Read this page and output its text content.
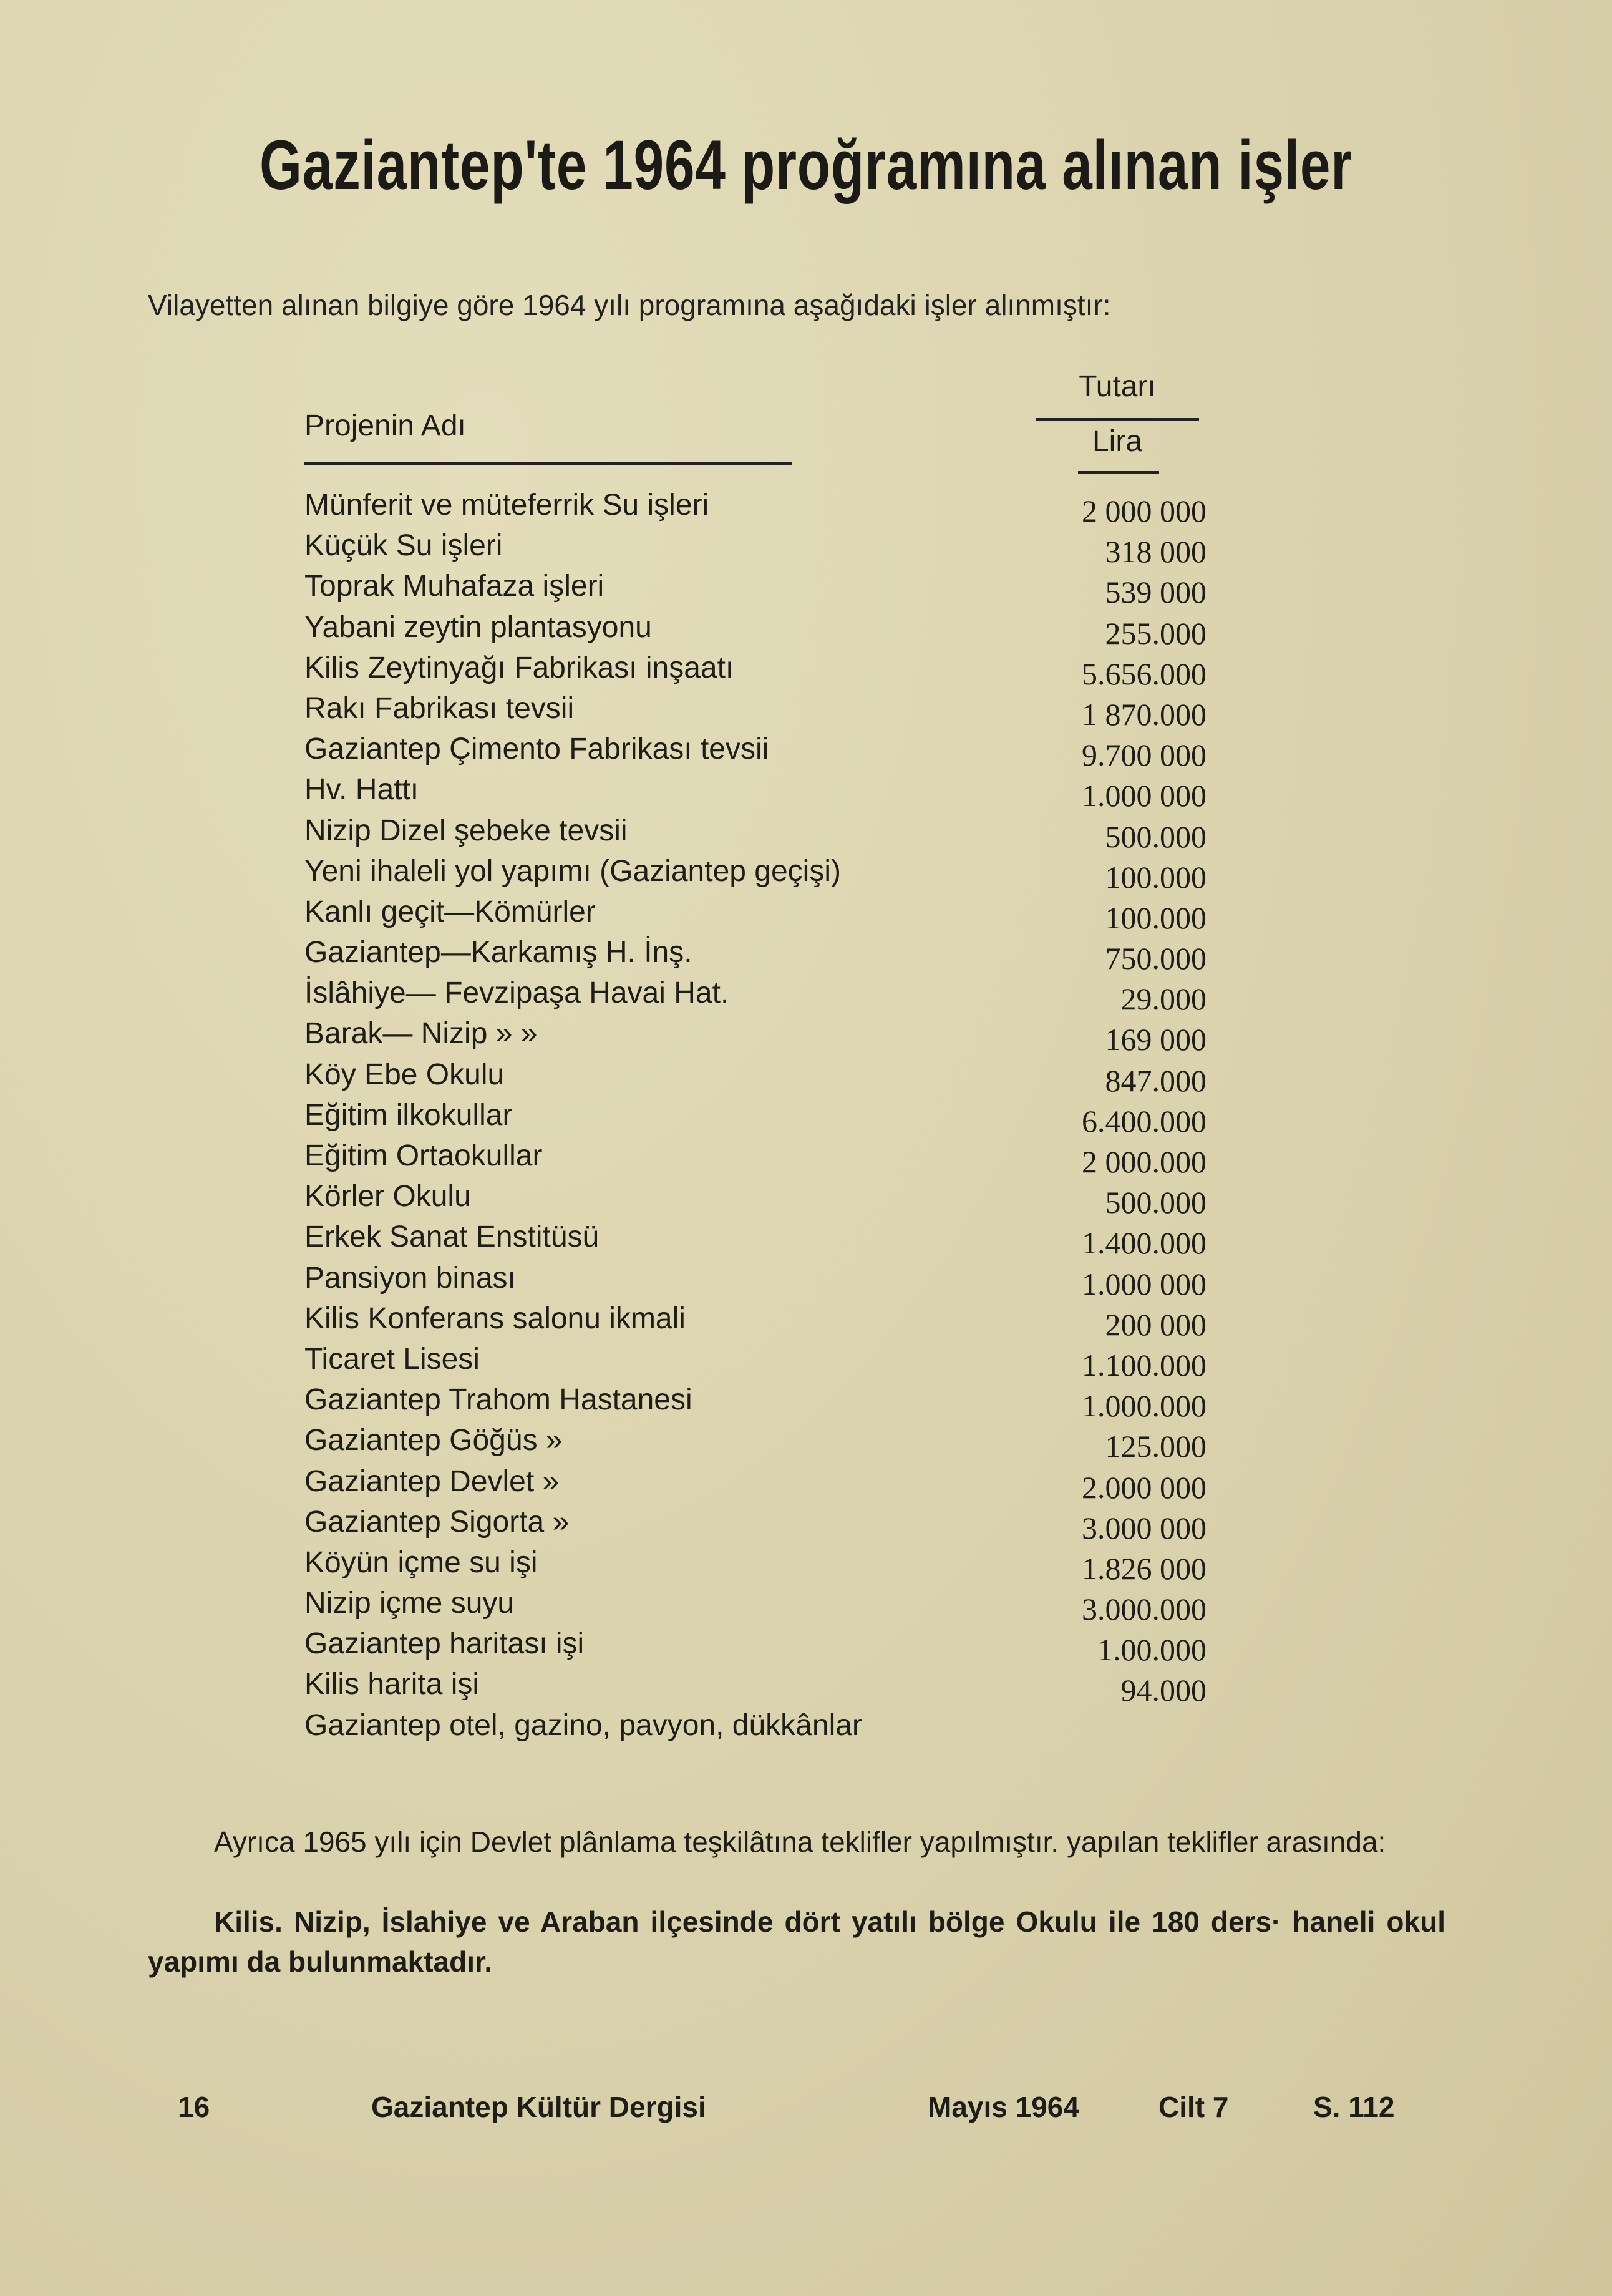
Gaziantep'te 1964 proğramına alınan işler
Vilayetten alınan bilgiye göre 1964 yılı programına aşağıdaki işler alınmıştır:
Projenin Adı
Tutarı
Lira
Münferit ve müteferrik Su işleri	2 000 000
Küçük Su işleri	318 000
Toprak Muhafaza işleri	539 000
Yabani zeytin plantasyonu	255.000
Kilis Zeytinyağı Fabrikası inşaatı	5.656.000
Rakı Fabrikası tevsii	1 870.000
Gaziantep Çimento Fabrikası tevsii	9.700 000
Hv. Hattı	1.000 000
Nizip Dizel şebeke tevsii	500.000
Yeni ihaleli yol yapımı (Gaziantep geçişi)	100.000
Kanlı geçit—Kömürler	100.000
Gaziantep—Karkamış H. İnş.	750.000
İslâhiye— Fevzipaşa Havai Hat.	29.000
Barak— Nizip » »	169 000
Köy Ebe Okulu	847.000
Eğitim ilkokullar	6.400.000
Eğitim Ortaokullar	2 000.000
Körler Okulu	500.000
Erkek Sanat Enstitüsü	1.400.000
Pansiyon binası	1.000 000
Kilis Konferans salonu ikmali	200 000
Ticaret Lisesi	1.100.000
Gaziantep Trahom Hastanesi	1.000.000
Gaziantep Göğüs »	125.000
Gaziantep Devlet »	2.000 000
Gaziantep Sigorta »	3.000 000
Köyün içme su işi	1.826 000
Nizip içme suyu	3.000.000
Gaziantep haritası işi	1.00.000
Kilis harita işi	94.000
Gaziantep otel, gazino, pavyon, dükkânlar
Ayrıca 1965 yılı için Devlet plânlama teşkilâtına teklifler yapılmıştır. yapılan teklifler arasında:
Kilis. Nizip, İslahiye ve Araban ilçesinde dört yatılı bölge Okulu ile 180 ders· haneli okul yapımı da bulunmaktadır.
16	Gaziantep Kültür Dergisi	Mayıs 1964	Cilt 7	S. 112
